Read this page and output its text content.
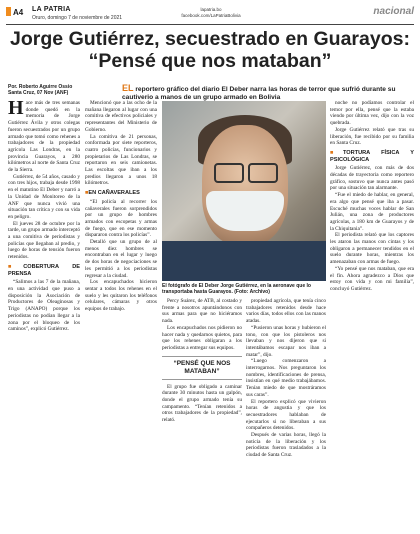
A4 LA PATRIA
Oruro, domingo 7 de noviembre de 2021
lapatria.bo
facebook.com/LaPatriaBolivia	nacional
Jorge Gutiérrez, secuestrado en Guarayos: “Pensé que nos mataban”
Por. Roberto Aguirre Ossio Santa Cruz, 07 Nov (ANF)	EL reportero gráfico del diario El Deber narra las horas de terror que sufrió durante su cautiverio a manos de un grupo armado en Bolivia

Hace más de tres semanas donde quedó en la memoria de Jorge Gutiérrez Ávila y otros colegas fueron secuestrados por un grupo armado que tomó como rehenes a trabajadores de la propiedad agrícola Las Londras, en la provincia Guarayos, a 280 kilómetros al norte de Santa Cruz de la Sierra.

Gutiérrez, de 54 años, casado y con tres hijos, trabaja desde 1998 en el matutino El Deber y narró a la Unidad de Monitoreo de la ANF que nunca vivió una situación tan crítica y con su vida en peligro.

El jueves 28 de octubre por la tarde, un grupo armado interceptó a una comitiva de periodistas y policías que llegaban al predio, y luego de horas de tensión fueron retenidos.

■ COBERTURA DE PRENSA

“Salimos a las 7 de la mañana, en una actividad que puso a disposición la Asociación de Productores de Oleaginosas y Trigo (ANAPO) porque los periodistas no podían llegar a la zona por el bloqueo de los caminos”, explicó Gutiérrez.

Mencionó que a las ocho de la mañana llegaron al lugar con una comitiva de efectivos policiales y representantes del Ministerio de Gobierno.

La comitiva de 21 personas, conformada por siete reporteros, cuatro policías, funcionarios y propietarios de Las Londras, se reportaron en seis camionetas. Las escoltas que iban a los predios llegaron a unos 18 kilómetros.

■ EN CAÑAVERALES

“El policía al recorrer los cañaverales fueron sorprendidos por un grupo de hombres armados con escopetas y armas de fuego, que en ese momento dispararon contra los policías”.

Detalló que un grupo de al menos diez hombres se encontraban en el lugar y luego de dos horas de negociaciones se les permitió a los periodistas regresar a la ciudad.

Los encapuchados hicieron sentar a todos los rehenes en el suelo y les quitaron los teléfonos celulares, cámaras y otros equipos de trabajo.

El fotógrafo de El Deber Jorge Gutiérrez, en la aeronave que lo transportaba hasta Guarayos. (Foto: Archivo)

Percy Suárez, de ATB, al costado y frente a nosotros apuntándonos con sus armas para que no hiciéramos nada.

Los encapuchados nos pidieron no hacer nada y quedarnos quietos, para que los rehenes obligaran a los periodistas a entregar sus equipos.

“PENSÉ QUE NOS MATABAN”

El grupo fue obligado a caminar durante 30 minutos hasta un galpón, donde el grupo armado tenía su campamento. “Tenían retenidos a otros trabajadores de la propiedad”, relató.

propiedad agrícola, que tenía cinco trabajadores retenidos desde hace varios días, todos ellos con las manos atadas.

“Pusieron unas horas y hubieron el tono, con que los pistoleros nos llevaban y nos dijeron que si intentábamos escapar nos iban a matar”, dijo.

“Luego comenzaron a interrogarnos. Nos preguntaron los nombres, identificaciones de prensa, insistían en qué medio trabajábamos. Tenían miedo de que mostráramos sus caras”.

El reportero explicó que vivieron horas de angustia y que los secuestradores hablaban de ejecutarlos si no liberaban a sus compañeros detenidos.

Después de varias horas, llegó la noticia de la liberación y los periodistas fueron trasladados a la ciudad de Santa Cruz.

noche no podíamos controlar el temor por ella, pensé que la estaba viendo por última vez, dijo con la voz quebrada.

Jorge Gutiérrez relató que tras su liberación, fue recibido por su familia en Santa Cruz.

■ TORTURA FÍSICA Y PSICOLÓGICA

Jorge Gutiérrez, con más de dos décadas de trayectoria como reportero gráfico, sostuvo que nunca antes pasó por una situación tan alarmante.

“Fue el miedo de hablar, en general, era algo que pensé que iba a pasar. Escuché muchas voces hablar de San Julián, una zona de productores agrícolas, a 180 km de Guarayos y de la Chiquitania”.

El periodista relató que los captores les ataron las manos con cintas y los obligaron a permanecer tendidos en el suelo durante horas, mientras los amenazaban con armas de fuego.

“Yo pensé que nos mataban, que era el fin. Ahora agradezco a Dios que estoy con vida y con mi familia”, concluyó Gutiérrez.
